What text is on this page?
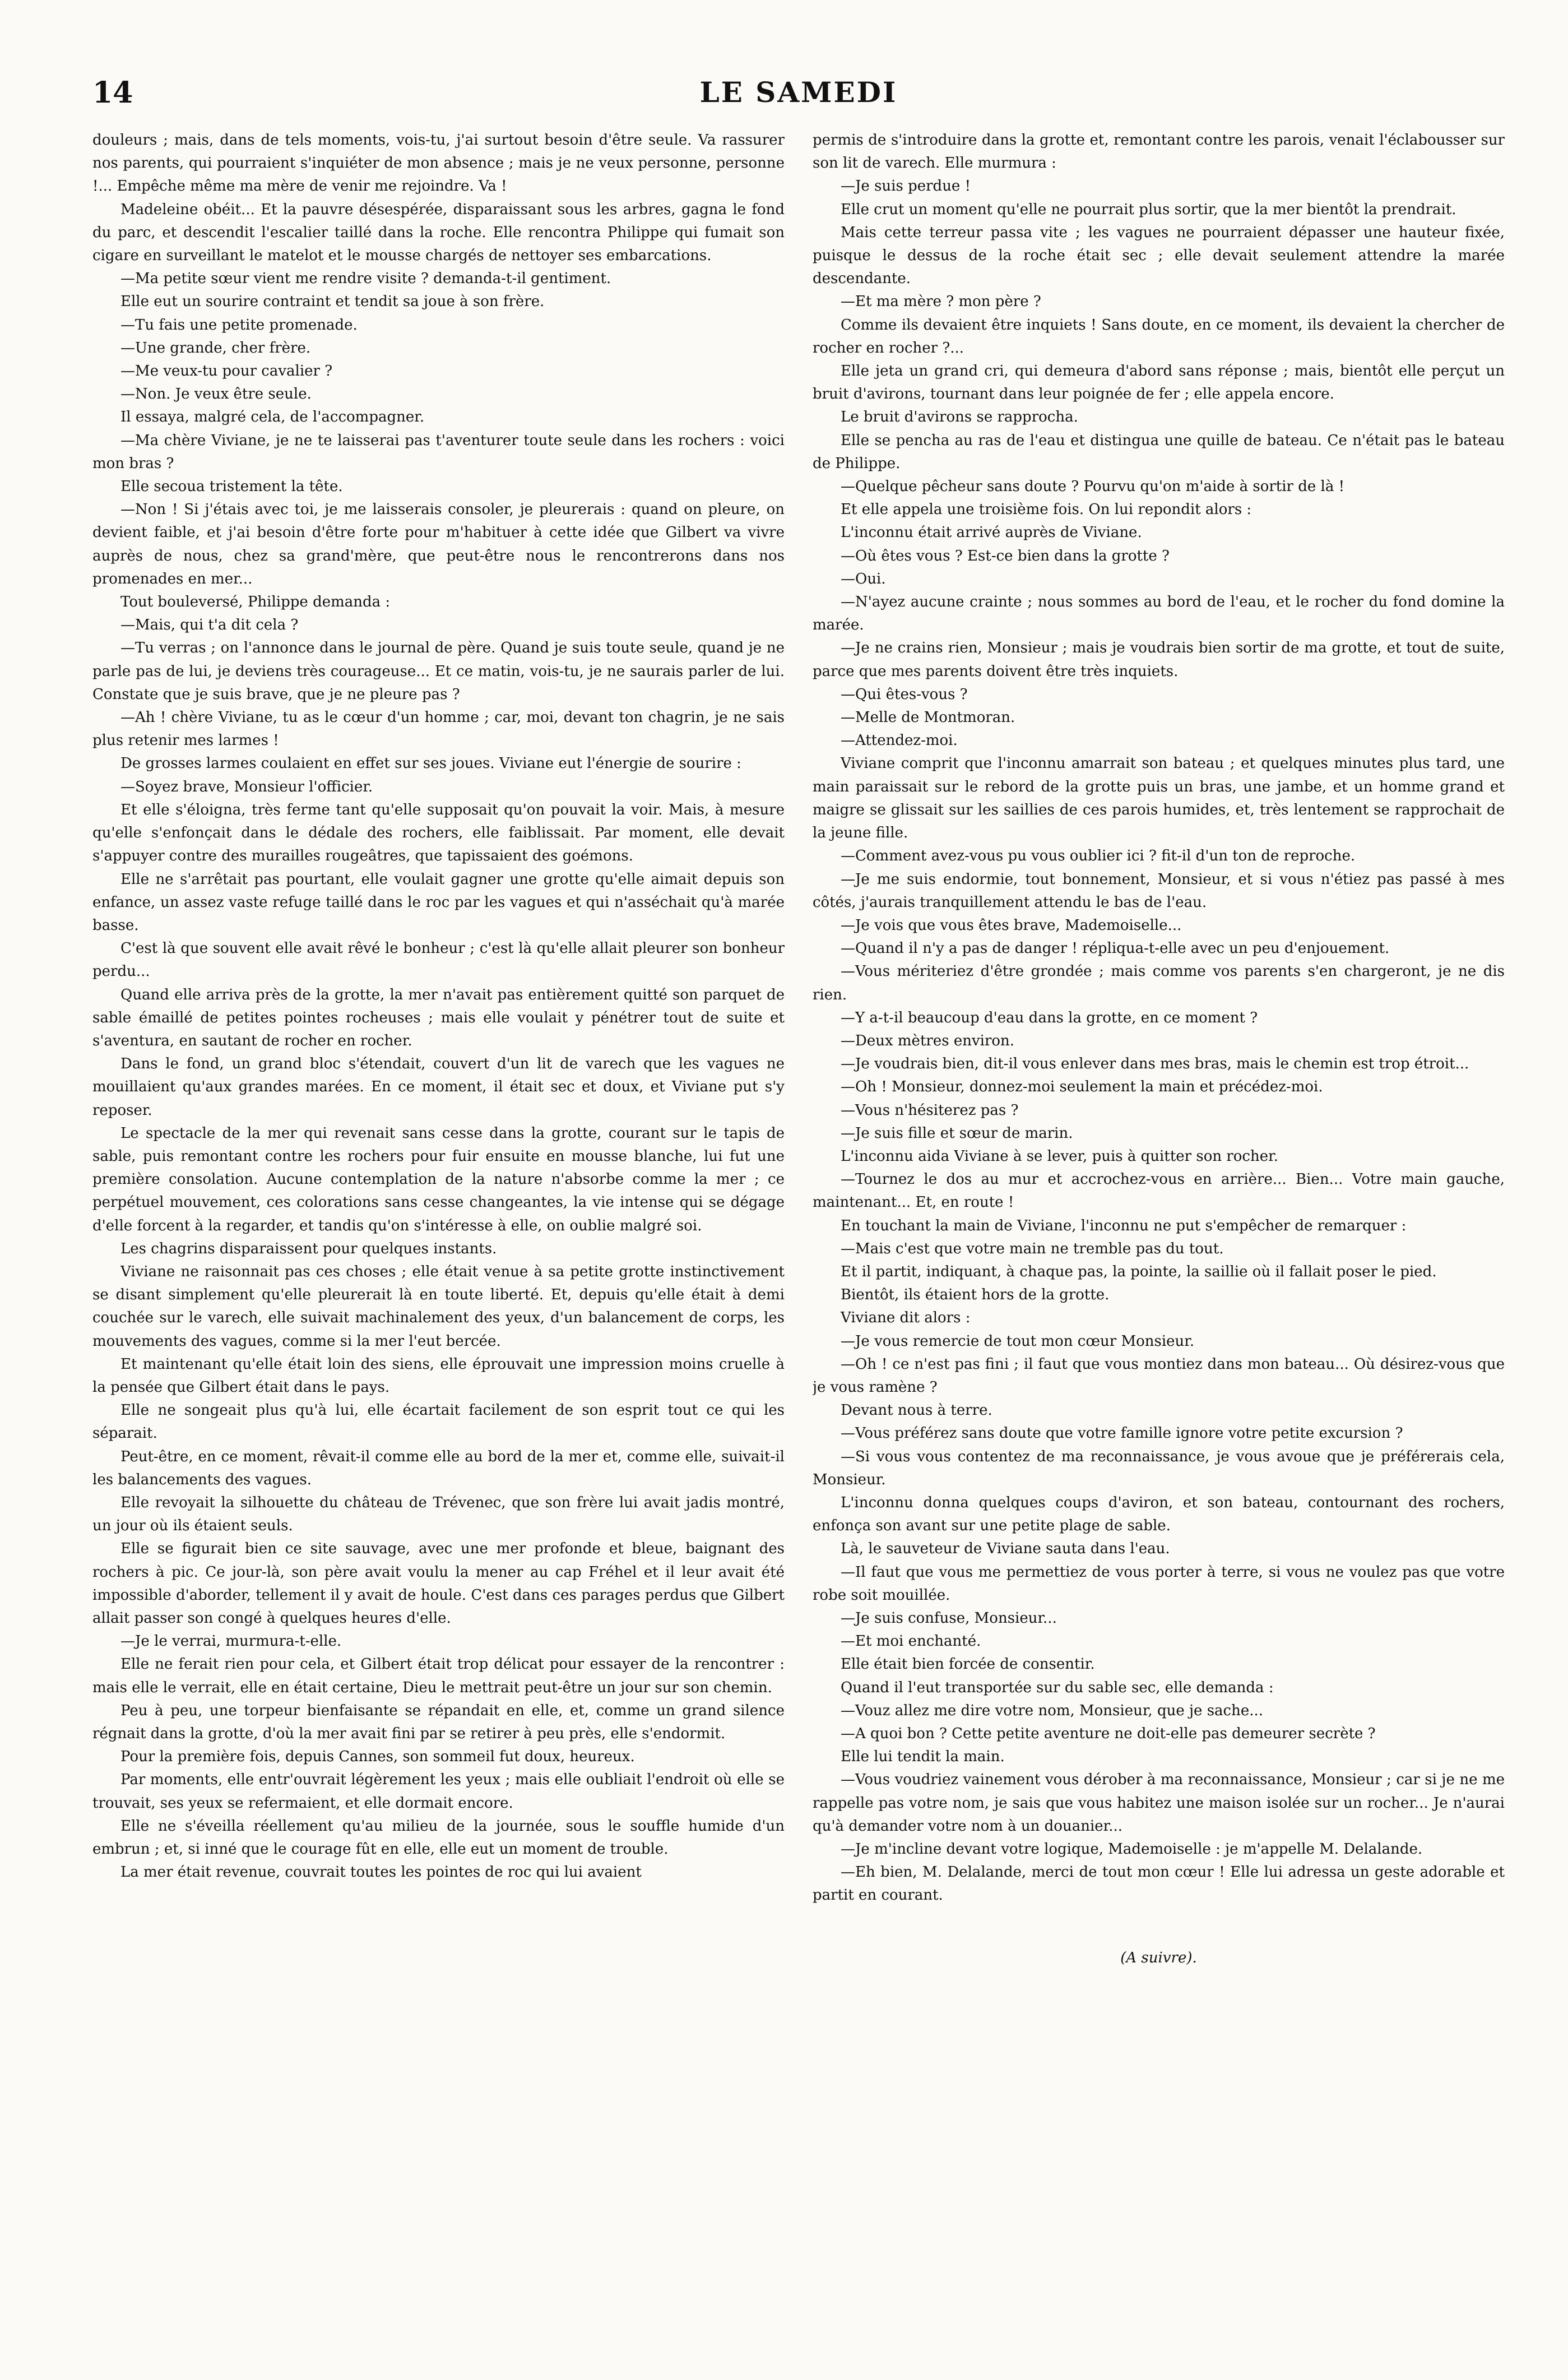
14	LE SAMEDI

douleurs ; mais, dans de tels moments, vois-tu, j'ai surtout besoin d'être seule. Va rassurer nos parents, qui pourraient s'inquiéter de mon absence ; mais je ne veux personne, personne !... Empêche même ma mère de venir me rejoindre. Va !

Madeleine obéit... Et la pauvre désespérée, disparaissant sous les arbres, gagna le fond du parc, et descendit l'escalier taillé dans la roche. Elle rencontra Philippe qui fumait son cigare en surveillant le matelot et le mousse chargés de nettoyer ses embarcations.

—Ma petite sœur vient me rendre visite ? demanda-t-il gentiment.

Elle eut un sourire contraint et tendit sa joue à son frère.

—Tu fais une petite promenade.

—Une grande, cher frère.

—Me veux-tu pour cavalier ?

—Non. Je veux être seule.

Il essaya, malgré cela, de l'accompagner.

—Ma chère Viviane, je ne te laisserai pas t'aventurer toute seule dans les rochers : voici mon bras ?

Elle secoua tristement la tête.

—Non ! Si j'étais avec toi, je me laisserais consoler, je pleurerais : quand on pleure, on devient faible, et j'ai besoin d'être forte pour m'habituer à cette idée que Gilbert va vivre auprès de nous, chez sa grand'mère, que peut-être nous le rencontrerons dans nos promenades en mer...

Tout bouleversé, Philippe demanda :

—Mais, qui t'a dit cela ?

—Tu verras ; on l'annonce dans le journal de père. Quand je suis toute seule, quand je ne parle pas de lui, je deviens très courageuse... Et ce matin, vois-tu, je ne saurais parler de lui. Constate que je suis brave, que je ne pleure pas ?

—Ah ! chère Viviane, tu as le cœur d'un homme ; car, moi, devant ton chagrin, je ne sais plus retenir mes larmes !

De grosses larmes coulaient en effet sur ses joues. Viviane eut l'énergie de sourire :

—Soyez brave, Monsieur l'officier.

Et elle s'éloigna, très ferme tant qu'elle supposait qu'on pouvait la voir. Mais, à mesure qu'elle s'enfonçait dans le dédale des rochers, elle faiblissait. Par moment, elle devait s'appuyer contre des murailles rougeâtres, que tapissaient des goémons.

Elle ne s'arrêtait pas pourtant, elle voulait gagner une grotte qu'elle aimait depuis son enfance, un assez vaste refuge taillé dans le roc par les vagues et qui n'asséchait qu'à marée basse.

C'est là que souvent elle avait rêvé le bonheur ; c'est là qu'elle allait pleurer son bonheur perdu...

Quand elle arriva près de la grotte, la mer n'avait pas entièrement quitté son parquet de sable émaillé de petites pointes rocheuses ; mais elle voulait y pénétrer tout de suite et s'aventura, en sautant de rocher en rocher.

Dans le fond, un grand bloc s'étendait, couvert d'un lit de varech que les vagues ne mouillaient qu'aux grandes marées. En ce moment, il était sec et doux, et Viviane put s'y reposer.

Le spectacle de la mer qui revenait sans cesse dans la grotte, courant sur le tapis de sable, puis remontant contre les rochers pour fuir ensuite en mousse blanche, lui fut une première consolation. Aucune contemplation de la nature n'absorbe comme la mer ; ce perpétuel mouvement, ces colorations sans cesse changeantes, la vie intense qui se dégage d'elle forcent à la regarder, et tandis qu'on s'intéresse à elle, on oublie malgré soi.

Les chagrins disparaissent pour quelques instants.

Viviane ne raisonnait pas ces choses ; elle était venue à sa petite grotte instinctivement se disant simplement qu'elle pleurerait là en toute liberté. Et, depuis qu'elle était à demi couchée sur le varech, elle suivait machinalement des yeux, d'un balancement de corps, les mouvements des vagues, comme si la mer l'eut bercée.

Et maintenant qu'elle était loin des siens, elle éprouvait une impression moins cruelle à la pensée que Gilbert était dans le pays.

Elle ne songeait plus qu'à lui, elle écartait facilement de son esprit tout ce qui les séparait.

Peut-être, en ce moment, rêvait-il comme elle au bord de la mer et, comme elle, suivait-il les balancements des vagues.

Elle revoyait la silhouette du château de Trévenec, que son frère lui avait jadis montré, un jour où ils étaient seuls.

Elle se figurait bien ce site sauvage, avec une mer profonde et bleue, baignant des rochers à pic. Ce jour-là, son père avait voulu la mener au cap Fréhel et il leur avait été impossible d'aborder, tellement il y avait de houle. C'est dans ces parages perdus que Gilbert allait passer son congé à quelques heures d'elle.

—Je le verrai, murmura-t-elle.

Elle ne ferait rien pour cela, et Gilbert était trop délicat pour essayer de la rencontrer : mais elle le verrait, elle en était certaine, Dieu le mettrait peut-être un jour sur son chemin.

Peu à peu, une torpeur bienfaisante se répandait en elle, et, comme un grand silence régnait dans la grotte, d'où la mer avait fini par se retirer à peu près, elle s'endormit.

Pour la première fois, depuis Cannes, son sommeil fut doux, heureux.

Par moments, elle entr'ouvrait légèrement les yeux ; mais elle oubliait l'endroit où elle se trouvait, ses yeux se refermaient, et elle dormait encore.

Elle ne s'éveilla réellement qu'au milieu de la journée, sous le souffle humide d'un embrun ; et, si inné que le courage fût en elle, elle eut un moment de trouble.

La mer était revenue, couvrait toutes les pointes de roc qui lui avaient

permis de s'introduire dans la grotte et, remontant contre les parois, venait l'éclabousser sur son lit de varech. Elle murmura :

—Je suis perdue !

Elle crut un moment qu'elle ne pourrait plus sortir, que la mer bientôt la prendrait.

Mais cette terreur passa vite ; les vagues ne pourraient dépasser une hauteur fixée, puisque le dessus de la roche était sec ; elle devait seulement attendre la marée descendante.

—Et ma mère ? mon père ?

Comme ils devaient être inquiets ! Sans doute, en ce moment, ils devaient la chercher de rocher en rocher ?...

Elle jeta un grand cri, qui demeura d'abord sans réponse ; mais, bientôt elle perçut un bruit d'avirons, tournant dans leur poignée de fer ; elle appela encore.

Le bruit d'avirons se rapprocha.

Elle se pencha au ras de l'eau et distingua une quille de bateau. Ce n'était pas le bateau de Philippe.

—Quelque pêcheur sans doute ? Pourvu qu'on m'aide à sortir de là !

Et elle appela une troisième fois. On lui repondit alors :

L'inconnu était arrivé auprès de Viviane.

—Où êtes vous ? Est-ce bien dans la grotte ?

—Oui.

—N'ayez aucune crainte ; nous sommes au bord de l'eau, et le rocher du fond domine la marée.

—Je ne crains rien, Monsieur ; mais je voudrais bien sortir de ma grotte, et tout de suite, parce que mes parents doivent être très inquiets.

—Qui êtes-vous ?

—Melle de Montmoran.

—Attendez-moi.

Viviane comprit que l'inconnu amarrait son bateau ; et quelques minutes plus tard, une main paraissait sur le rebord de la grotte puis un bras, une jambe, et un homme grand et maigre se glissait sur les saillies de ces parois humides, et, très lentement se rapprochait de la jeune fille.

—Comment avez-vous pu vous oublier ici ? fit-il d'un ton de reproche.

—Je me suis endormie, tout bonnement, Monsieur, et si vous n'étiez pas passé à mes côtés, j'aurais tranquillement attendu le bas de l'eau.

—Je vois que vous êtes brave, Mademoiselle...

—Quand il n'y a pas de danger ! répliqua-t-elle avec un peu d'enjouement.

—Vous mériteriez d'être grondée ; mais comme vos parents s'en chargeront, je ne dis rien.

—Y a-t-il beaucoup d'eau dans la grotte, en ce moment ?

—Deux mètres environ.

—Je voudrais bien, dit-il vous enlever dans mes bras, mais le chemin est trop étroit...

—Oh ! Monsieur, donnez-moi seulement la main et précédez-moi.

—Vous n'hésiterez pas ?

—Je suis fille et sœur de marin.

L'inconnu aida Viviane à se lever, puis à quitter son rocher.

—Tournez le dos au mur et accrochez-vous en arrière... Bien... Votre main gauche, maintenant... Et, en route !

En touchant la main de Viviane, l'inconnu ne put s'empêcher de remarquer :

—Mais c'est que votre main ne tremble pas du tout.

Et il partit, indiquant, à chaque pas, la pointe, la saillie où il fallait poser le pied.

Bientôt, ils étaient hors de la grotte.

Viviane dit alors :

—Je vous remercie de tout mon cœur Monsieur.

—Oh ! ce n'est pas fini ; il faut que vous montiez dans mon bateau... Où désirez-vous que je vous ramène ?

Devant nous à terre.

—Vous préférez sans doute que votre famille ignore votre petite excursion ?

—Si vous vous contentez de ma reconnaissance, je vous avoue que je préférerais cela, Monsieur.

L'inconnu donna quelques coups d'aviron, et son bateau, contournant des rochers, enfonça son avant sur une petite plage de sable.

Là, le sauveteur de Viviane sauta dans l'eau.

—Il faut que vous me permettiez de vous porter à terre, si vous ne voulez pas que votre robe soit mouillée.

—Je suis confuse, Monsieur...

—Et moi enchanté.

Elle était bien forcée de consentir.

Quand il l'eut transportée sur du sable sec, elle demanda :

—Vouz allez me dire votre nom, Monsieur, que je sache...

—A quoi bon ? Cette petite aventure ne doit-elle pas demeurer secrète ?

Elle lui tendit la main.

—Vous voudriez vainement vous dérober à ma reconnaissance, Monsieur ; car si je ne me rappelle pas votre nom, je sais que vous habitez une maison isolée sur un rocher... Je n'aurai qu'à demander votre nom à un douanier...

—Je m'incline devant votre logique, Mademoiselle : je m'appelle M. Delalande.

—Eh bien, M. Delalande, merci de tout mon cœur ! Elle lui adressa un geste adorable et partit en courant.

(A suivre).
